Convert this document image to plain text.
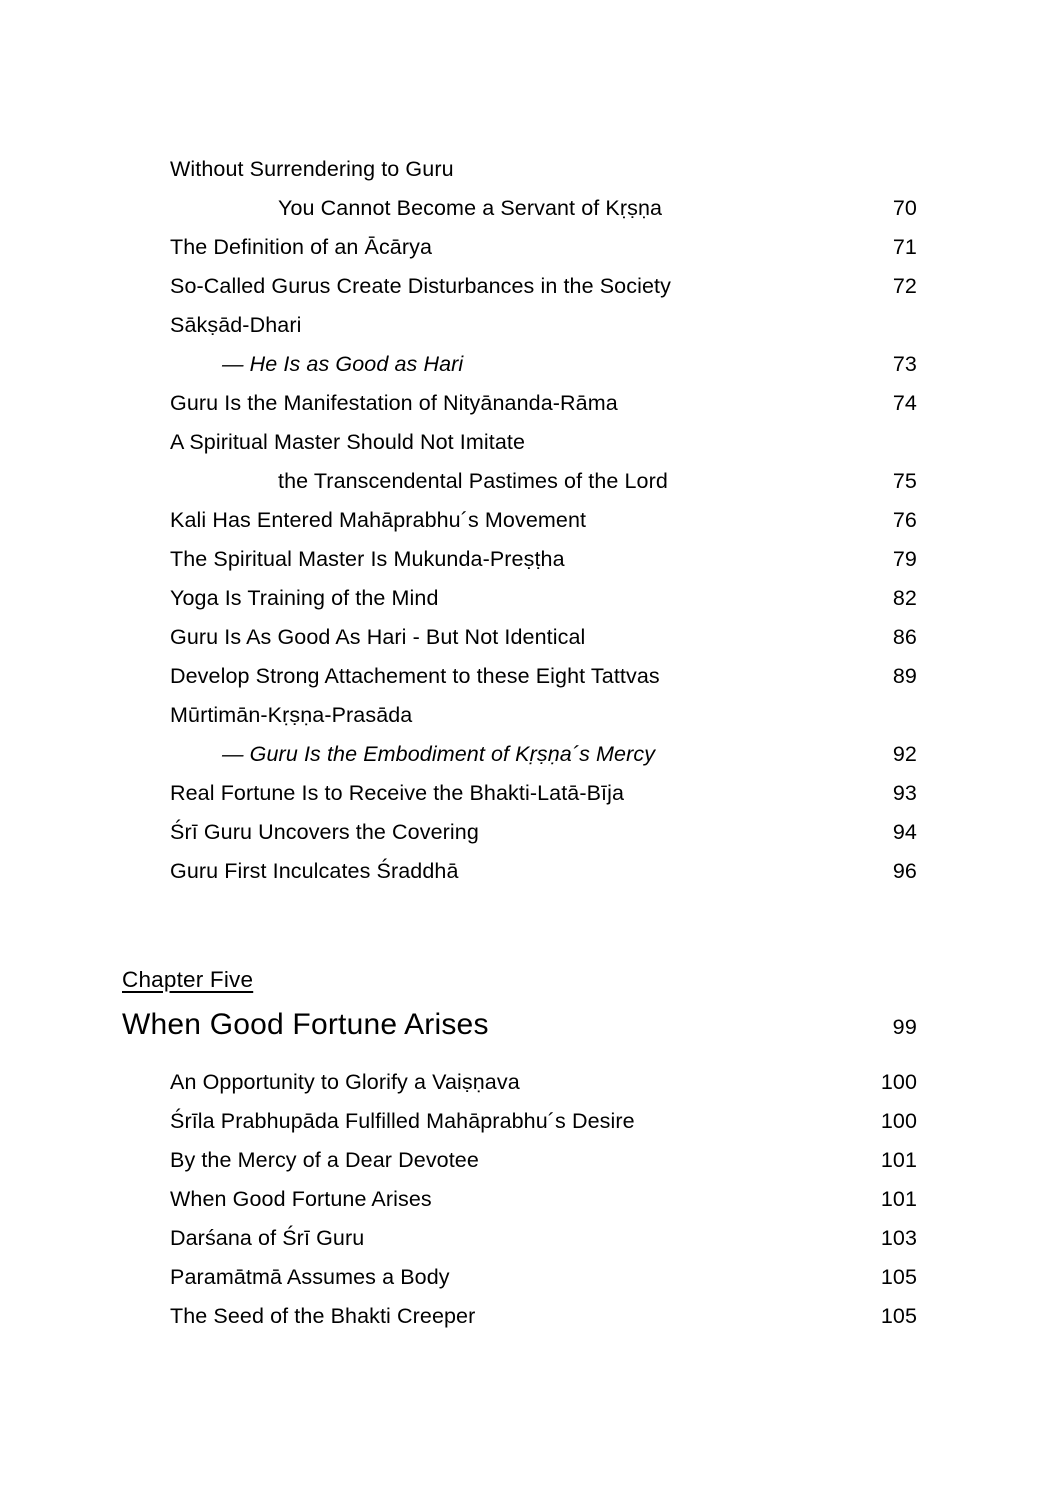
Without Surrendering to Guru
You Cannot Become a Servant of Kṛṣṇa .....	70
The Definition of an Ācārya .....	71
So-Called Gurus Create Disturbances in the Society .....	72
Sākṣād-Dhari
— He Is as Good as Hari	73
Guru Is the Manifestation of Nityānanda-Rāma .....	74
A Spiritual Master Should Not Imitate
the Transcendental Pastimes of the Lord .....	75
Kali Has Entered Mahāprabhu´s Movement .....	76
The Spiritual Master Is Mukunda-Preṣṭha .....	79
Yoga Is Training of the Mind .....	82
Guru Is As Good As Hari - But Not Identical .....	86
Develop Strong Attachement to these Eight Tattvas .....	89
Mūrtimān-Kṛṣṇa-Prasāda
— Guru Is the Embodiment of Kṛṣṇa´s Mercy .....	92
Real Fortune Is to Receive the Bhakti-Latā-Bīja .....	93
Śrī Guru Uncovers the Covering .....	94
Guru First Inculcates Śraddhā .....	96
Chapter Five
When Good Fortune Arises	99
An Opportunity to Glorify a Vaiṣṇava .....	100
Śrīla Prabhupāda Fulfilled Mahāprabhu´s Desire .....	100
By the Mercy of a Dear Devotee .....	101
When Good Fortune Arises .....	101
Darśana of Śrī Guru .....	103
Paramātmā Assumes a Body .....	105
The Seed of the Bhakti Creeper .....	105
